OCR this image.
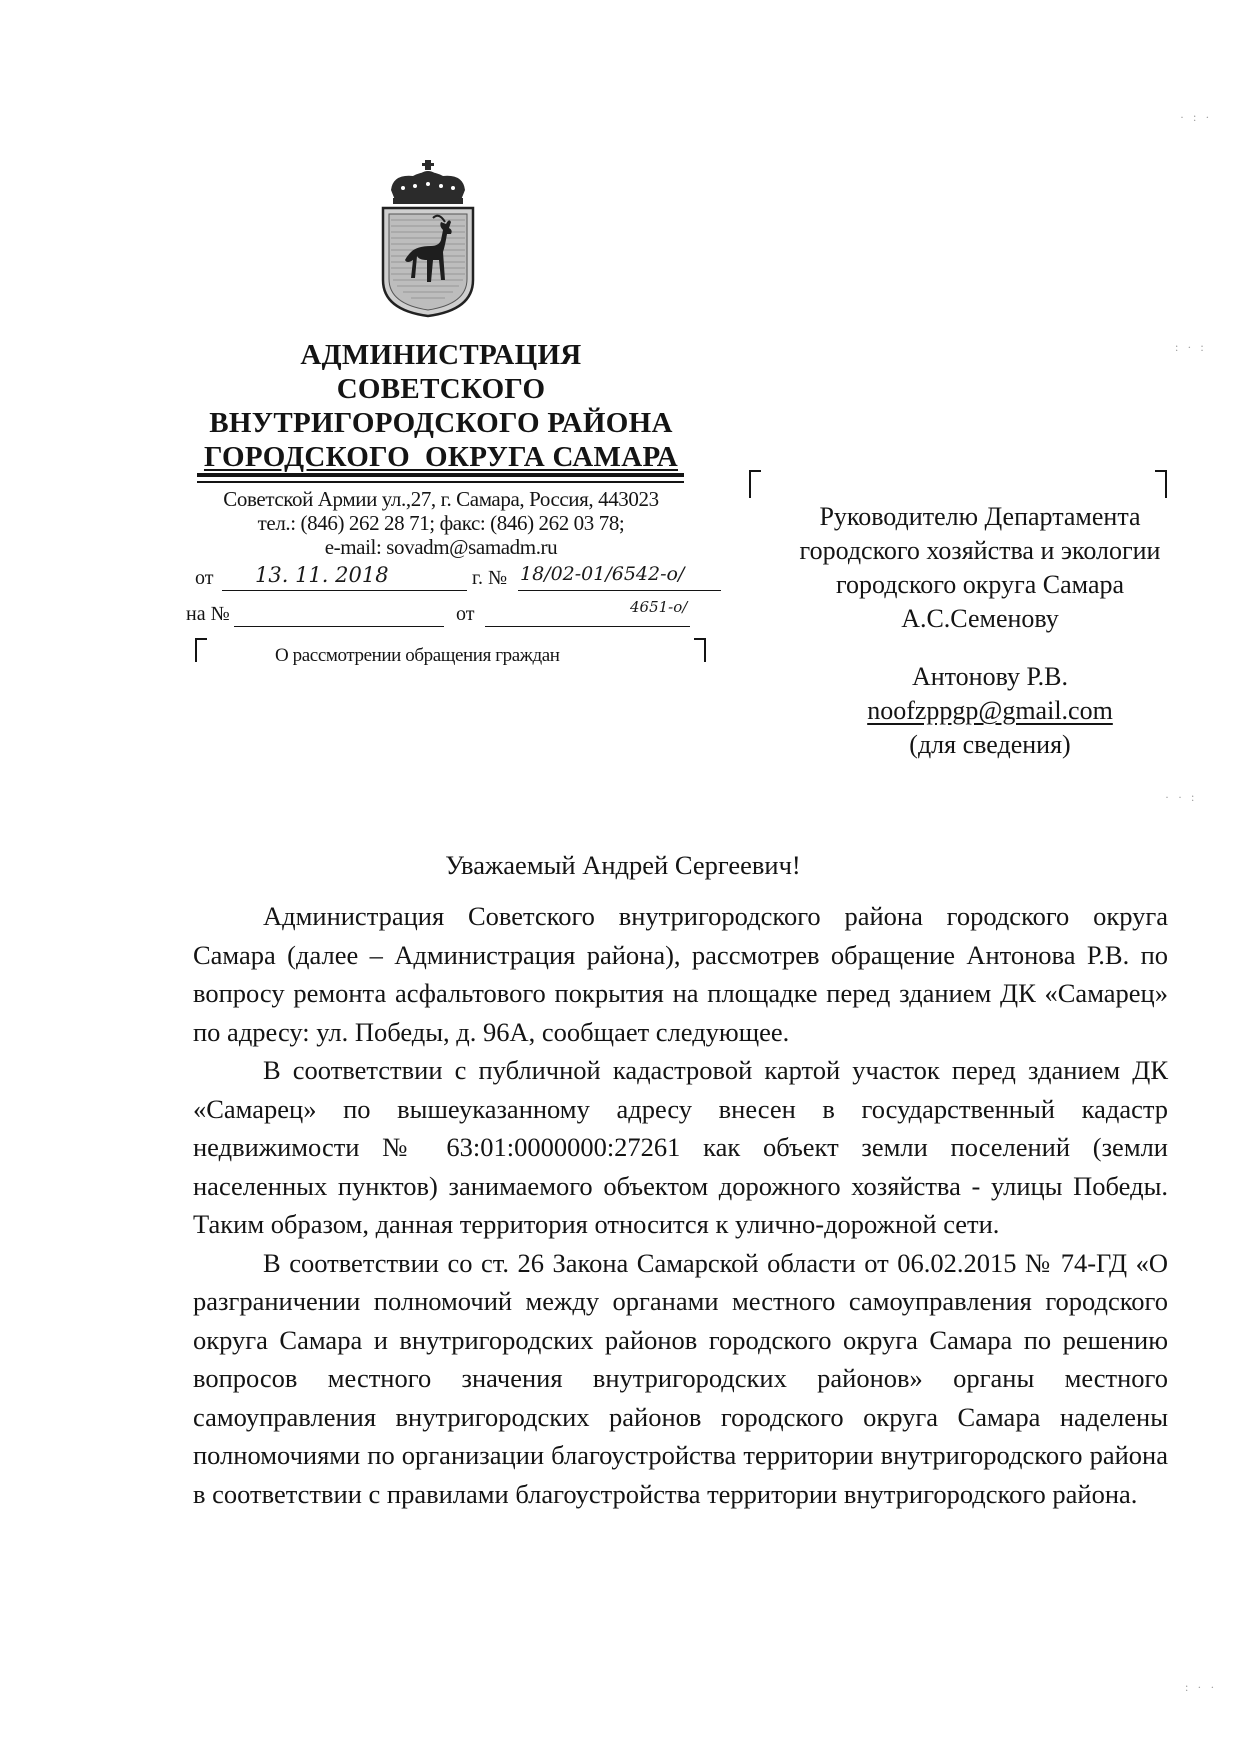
АДМИНИСТРАЦИЯ
СОВЕТСКОГО
ВНУТРИГОРОДСКОГО РАЙОНА
ГОРОДСКОГО  ОКРУГА САМАРА
Советской Армии ул.,27, г. Самара, Россия, 443023
тел.: (846) 262 28 71; факс: (846) 262 03 78;
e-mail: sovadm@samadm.ru
от 13. 11. 2018	г. № 18/02-01/6542-о/
на №	от	4651-о/
О рассмотрении обращения граждан
Руководителю Департамента
городского хозяйства и экологии
городского округа Самара
А.С.Семенову
Антонову Р.В.
noofzppgp@gmail.com
(для сведения)
Уважаемый Андрей Сергеевич!

Администрация Советского внутригородского района городского округа Самара (далее – Администрация района), рассмотрев обращение Антонова Р.В. по вопросу ремонта асфальтового покрытия на площадке перед зданием ДК «Самарец» по адресу: ул. Победы, д. 96А, сообщает следующее.

В соответствии с публичной кадастровой картой участок перед зданием ДК «Самарец» по вышеуказанному адресу внесен в государственный кадастр недвижимости № 63:01:0000000:27261 как объект земли поселений (земли населенных пунктов) занимаемого объектом дорожного хозяйства - улицы Победы. Таким образом, данная территория относится к улично-дорожной сети.

В соответствии со ст. 26 Закона Самарской области от 06.02.2015 № 74-ГД «О разграничении полномочий между органами местного самоуправления городского округа Самара и внутригородских районов городского округа Самара по решению вопросов местного значения внутригородских районов» органы местного самоуправления внутригородских районов городского округа Самара наделены полномочиями по организации благоустройства территории внутригородского района в соответствии с правилами благоустройства территории внутригородского района.

· : ·
: · :
· · :
: · ·
